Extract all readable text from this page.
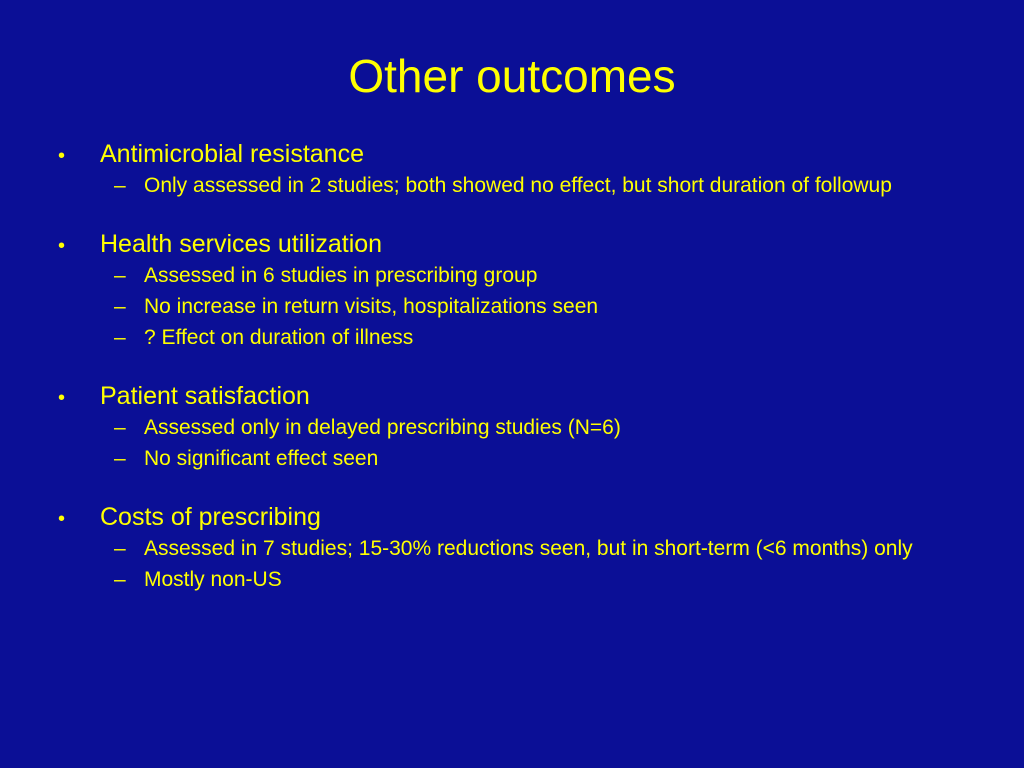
Other outcomes
•	Antimicrobial resistance
– Only assessed in 2 studies; both showed no effect, but short duration of followup
•	Health services utilization
– Assessed in 6 studies in prescribing group
– No increase in return visits, hospitalizations seen
– ? Effect on duration of illness
•	Patient satisfaction
– Assessed only in delayed prescribing studies (N=6)
– No significant effect seen
•	Costs of prescribing
– Assessed in 7 studies; 15-30% reductions seen, but in short-term (<6 months) only
– Mostly non-US
